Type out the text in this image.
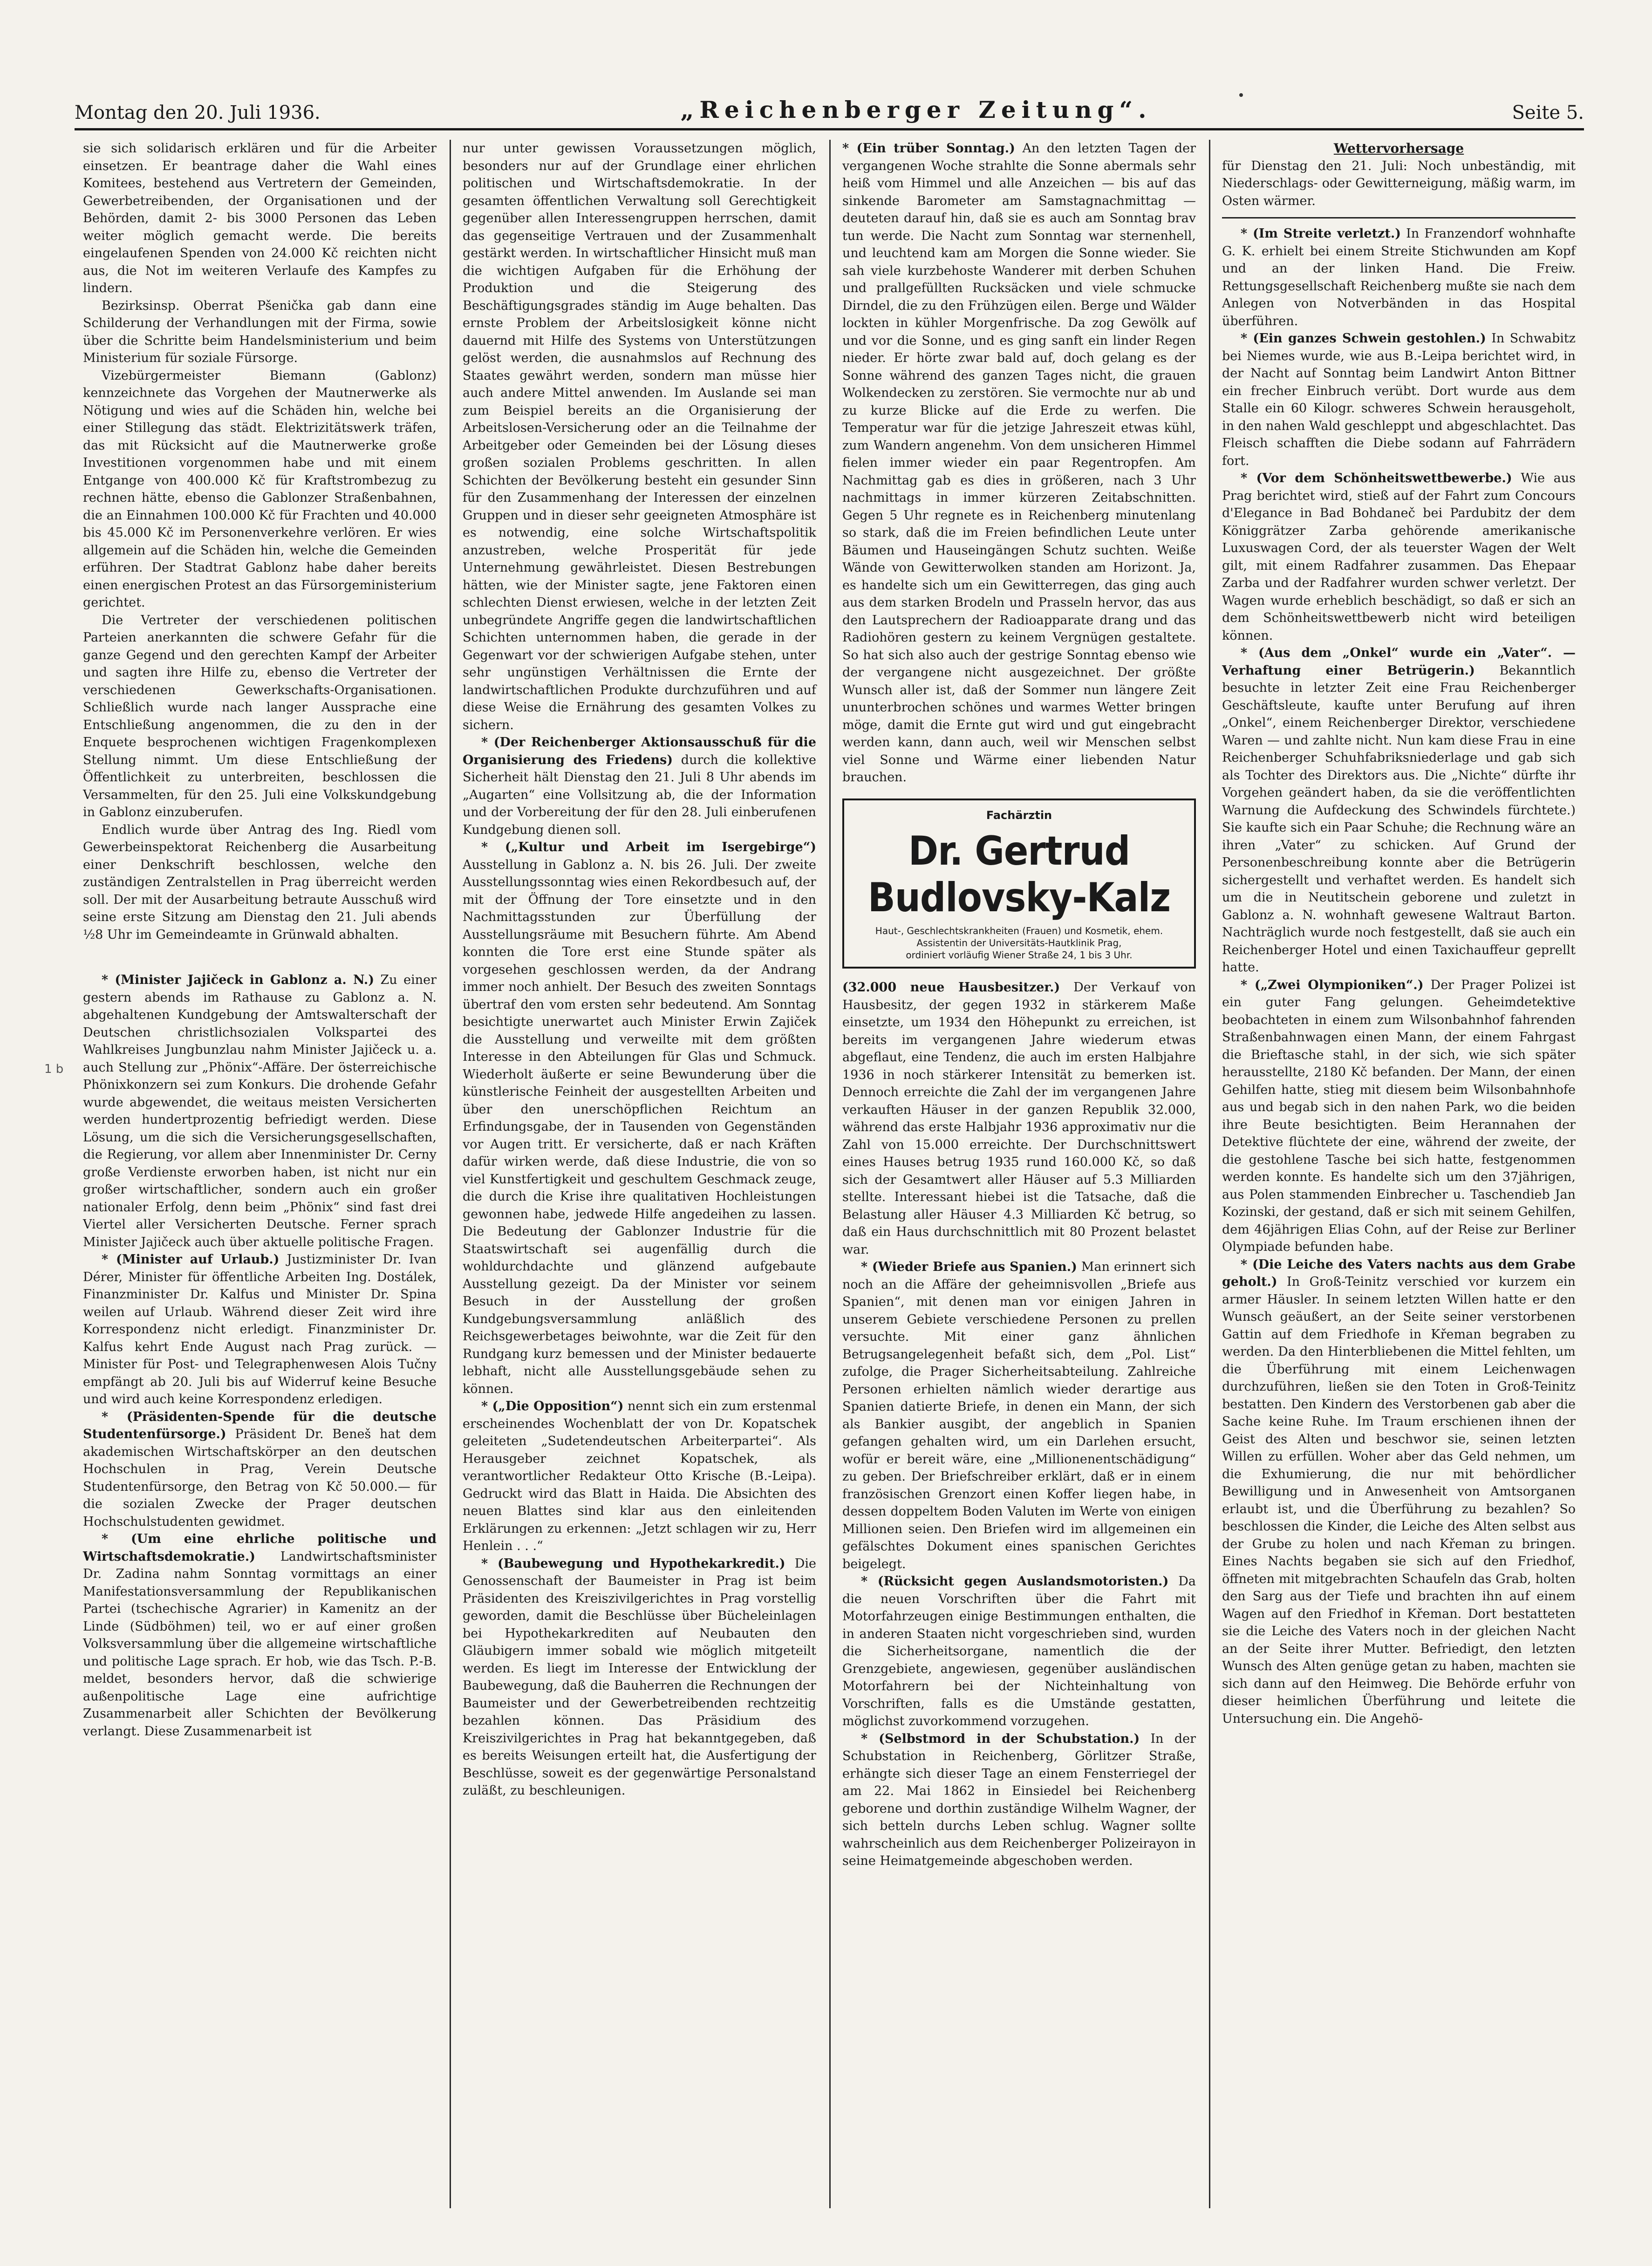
1 b
Montag den 20. Juli 1936.	„Reichenberger Zeitung“.	Seite 5.

sie sich solidarisch erklären und für die Arbeiter einsetzen. Er beantrage daher die Wahl eines Komitees, bestehend aus Vertretern der Gemeinden, Gewerbetreibenden, der Organisationen und der Behörden, damit 2- bis 3000 Personen das Leben weiter möglich gemacht werde. Die bereits eingelaufenen Spenden von 24.000 Kč reichten nicht aus, die Not im weiteren Verlaufe des Kampfes zu lindern.

Bezirksinsp. Oberrat Pšenička gab dann eine Schilderung der Verhandlungen mit der Firma, sowie über die Schritte beim Handelsministerium und beim Ministerium für soziale Fürsorge.

Vizebürgermeister Biemann (Gablonz) kennzeichnete das Vorgehen der Mautnerwerke als Nötigung und wies auf die Schäden hin, welche bei einer Stillegung das städt. Elektrizitätswerk träfen, das mit Rücksicht auf die Mautnerwerke große Investitionen vorgenommen habe und mit einem Entgange von 400.000 Kč für Kraftstrombezug zu rechnen hätte, ebenso die Gablonzer Straßenbahnen, die an Einnahmen 100.000 Kč für Frachten und 40.000 bis 45.000 Kč im Personenverkehre verlören. Er wies allgemein auf die Schäden hin, welche die Gemeinden erführen. Der Stadtrat Gablonz habe daher bereits einen energischen Protest an das Fürsorgeministerium gerichtet.

Die Vertreter der verschiedenen politischen Parteien anerkannten die schwere Gefahr für die ganze Gegend und den gerechten Kampf der Arbeiter und sagten ihre Hilfe zu, ebenso die Vertreter der verschiedenen Gewerkschafts-Organisationen. Schließlich wurde nach langer Aussprache eine Entschließung angenommen, die zu den in der Enquete besprochenen wichtigen Fragenkomplexen Stellung nimmt. Um diese Entschließung der Öffentlichkeit zu unterbreiten, beschlossen die Versammelten, für den 25. Juli eine Volkskundgebung in Gablonz einzuberufen.

Endlich wurde über Antrag des Ing. Riedl vom Gewerbeinspektorat Reichenberg die Ausarbeitung einer Denkschrift beschlossen, welche den zuständigen Zentralstellen in Prag überreicht werden soll. Der mit der Ausarbeitung betraute Ausschuß wird seine erste Sitzung am Dienstag den 21. Juli abends ½8 Uhr im Gemeindeamte in Grünwald abhalten.

* (Minister Jajičeck in Gablonz a. N.) Zu einer gestern abends im Rathause zu Gablonz a. N. abgehaltenen Kundgebung der Amtswalterschaft der Deutschen christlichsozialen Volkspartei des Wahlkreises Jungbunzlau nahm Minister Jajičeck u. a. auch Stellung zur „Phönix“-Affäre. Der österreichische Phönixkonzern sei zum Konkurs. Die drohende Gefahr wurde abgewendet, die weitaus meisten Versicherten werden hundertprozentig befriedigt werden. Diese Lösung, um die sich die Versicherungsgesellschaften, die Regierung, vor allem aber Innenminister Dr. Cerny große Verdienste erworben haben, ist nicht nur ein großer wirtschaftlicher, sondern auch ein großer nationaler Erfolg, denn beim „Phönix“ sind fast drei Viertel aller Versicherten Deutsche. Ferner sprach Minister Jajičeck auch über aktuelle politische Fragen.

* (Minister auf Urlaub.) Justizminister Dr. Ivan Dérer, Minister für öffentliche Arbeiten Ing. Dostálek, Finanzminister Dr. Kalfus und Minister Dr. Spina weilen auf Urlaub. Während dieser Zeit wird ihre Korrespondenz nicht erledigt. Finanzminister Dr. Kalfus kehrt Ende August nach Prag zurück. — Minister für Post- und Telegraphenwesen Alois Tučny empfängt ab 20. Juli bis auf Widerruf keine Besuche und wird auch keine Korrespondenz erledigen.

* (Präsidenten-Spende für die deutsche Studentenfürsorge.) Präsident Dr. Beneš hat dem akademischen Wirtschaftskörper an den deutschen Hochschulen in Prag, Verein Deutsche Studentenfürsorge, den Betrag von Kč 50.000.— für die sozialen Zwecke der Prager deutschen Hochschulstudenten gewidmet.

* (Um eine ehrliche politische und Wirtschaftsdemokratie.) Landwirtschaftsminister Dr. Zadina nahm Sonntag vormittags an einer Manifestationsversammlung der Republikanischen Partei (tschechische Agrarier) in Kamenitz an der Linde (Südböhmen) teil, wo er auf einer großen Volksversammlung über die allgemeine wirtschaftliche und politische Lage sprach. Er hob, wie das Tsch. P.-B. meldet, besonders hervor, daß die schwierige außenpolitische Lage eine aufrichtige Zusammenarbeit aller Schichten der Bevölkerung verlangt. Diese Zusammenarbeit ist

nur unter gewissen Voraussetzungen möglich, besonders nur auf der Grundlage einer ehrlichen politischen und Wirtschaftsdemokratie. In der gesamten öffentlichen Verwaltung soll Gerechtigkeit gegenüber allen Interessengruppen herrschen, damit das gegenseitige Vertrauen und der Zusammenhalt gestärkt werden. In wirtschaftlicher Hinsicht muß man die wichtigen Aufgaben für die Erhöhung der Produktion und die Steigerung des Beschäftigungsgrades ständig im Auge behalten. Das ernste Problem der Arbeitslosigkeit könne nicht dauernd mit Hilfe des Systems von Unterstützungen gelöst werden, die ausnahmslos auf Rechnung des Staates gewährt werden, sondern man müsse hier auch andere Mittel anwenden. Im Auslande sei man zum Beispiel bereits an die Organisierung der Arbeitslosen-Versicherung oder an die Teilnahme der Arbeitgeber oder Gemeinden bei der Lösung dieses großen sozialen Problems geschritten. In allen Schichten der Bevölkerung besteht ein gesunder Sinn für den Zusammenhang der Interessen der einzelnen Gruppen und in dieser sehr geeigneten Atmosphäre ist es notwendig, eine solche Wirtschaftspolitik anzustreben, welche Prosperität für jede Unternehmung gewährleistet. Diesen Bestrebungen hätten, wie der Minister sagte, jene Faktoren einen schlechten Dienst erwiesen, welche in der letzten Zeit unbegründete Angriffe gegen die landwirtschaftlichen Schichten unternommen haben, die gerade in der Gegenwart vor der schwierigen Aufgabe stehen, unter sehr ungünstigen Verhältnissen die Ernte der landwirtschaftlichen Produkte durchzuführen und auf diese Weise die Ernährung des gesamten Volkes zu sichern.

* (Der Reichenberger Aktionsausschuß für die Organisierung des Friedens) durch die kollektive Sicherheit hält Dienstag den 21. Juli 8 Uhr abends im „Augarten“ eine Vollsitzung ab, die der Information und der Vorbereitung der für den 28. Juli einberufenen Kundgebung dienen soll.

* („Kultur und Arbeit im Isergebirge“) Ausstellung in Gablonz a. N. bis 26. Juli. Der zweite Ausstellungssonntag wies einen Rekordbesuch auf, der mit der Öffnung der Tore einsetzte und in den Nachmittagsstunden zur Überfüllung der Ausstellungsräume mit Besuchern führte. Am Abend konnten die Tore erst eine Stunde später als vorgesehen geschlossen werden, da der Andrang immer noch anhielt. Der Besuch des zweiten Sonntags übertraf den vom ersten sehr bedeutend. Am Sonntag besichtigte unerwartet auch Minister Erwin Zajiček die Ausstellung und verweilte mit dem größten Interesse in den Abteilungen für Glas und Schmuck. Wiederholt äußerte er seine Bewunderung über die künstlerische Feinheit der ausgestellten Arbeiten und über den unerschöpflichen Reichtum an Erfindungsgabe, der in Tausenden von Gegenständen vor Augen tritt. Er versicherte, daß er nach Kräften dafür wirken werde, daß diese Industrie, die von so viel Kunstfertigkeit und geschultem Geschmack zeuge, die durch die Krise ihre qualitativen Hochleistungen gewonnen habe, jedwede Hilfe angedeihen zu lassen. Die Bedeutung der Gablonzer Industrie für die Staatswirtschaft sei augenfällig durch die wohldurchdachte und glänzend aufgebaute Ausstellung gezeigt. Da der Minister vor seinem Besuch in der Ausstellung der großen Kundgebungsversammlung anläßlich des Reichsgewerbetages beiwohnte, war die Zeit für den Rundgang kurz bemessen und der Minister bedauerte lebhaft, nicht alle Ausstellungsgebäude sehen zu können.

* („Die Opposition“) nennt sich ein zum erstenmal erscheinendes Wochenblatt der von Dr. Kopatschek geleiteten „Sudetendeutschen Arbeiterpartei“. Als Herausgeber zeichnet Kopatschek, als verantwortlicher Redakteur Otto Krische (B.-Leipa). Gedruckt wird das Blatt in Haida. Die Absichten des neuen Blattes sind klar aus den einleitenden Erklärungen zu erkennen: „Jetzt schlagen wir zu, Herr Henlein . . .“

* (Baubewegung und Hypothekarkredit.) Die Genossenschaft der Baumeister in Prag ist beim Präsidenten des Kreiszivilgerichtes in Prag vorstellig geworden, damit die Beschlüsse über Bücheleinlagen bei Hypothekarkrediten auf Neubauten den Gläubigern immer sobald wie möglich mitgeteilt werden. Es liegt im Interesse der Entwicklung der Baubewegung, daß die Bauherren die Rechnungen der Baumeister und der Gewerbetreibenden rechtzeitig bezahlen können. Das Präsidium des Kreiszivilgerichtes in Prag hat bekanntgegeben, daß es bereits Weisungen erteilt hat, die Ausfertigung der Beschlüsse, soweit es der gegenwärtige Personalstand zuläßt, zu beschleunigen.

* (Ein trüber Sonntag.) An den letzten Tagen der vergangenen Woche strahlte die Sonne abermals sehr heiß vom Himmel und alle Anzeichen — bis auf das sinkende Barometer am Samstagnachmittag — deuteten darauf hin, daß sie es auch am Sonntag brav tun werde. Die Nacht zum Sonntag war sternenhell, und leuchtend kam am Morgen die Sonne wieder. Sie sah viele kurzbehoste Wanderer mit derben Schuhen und prallgefüllten Rucksäcken und viele schmucke Dirndel, die zu den Frühzügen eilen. Berge und Wälder lockten in kühler Morgenfrische. Da zog Gewölk auf und vor die Sonne, und es ging sanft ein linder Regen nieder. Er hörte zwar bald auf, doch gelang es der Sonne während des ganzen Tages nicht, die grauen Wolkendecken zu zerstören. Sie vermochte nur ab und zu kurze Blicke auf die Erde zu werfen. Die Temperatur war für die jetzige Jahreszeit etwas kühl, zum Wandern angenehm. Von dem unsicheren Himmel fielen immer wieder ein paar Regentropfen. Am Nachmittag gab es dies in größeren, nach 3 Uhr nachmittags in immer kürzeren Zeitabschnitten. Gegen 5 Uhr regnete es in Reichenberg minutenlang so stark, daß die im Freien befindlichen Leute unter Bäumen und Hauseingängen Schutz suchten. Weiße Wände von Gewitterwolken standen am Horizont. Ja, es handelte sich um ein Gewitterregen, das ging auch aus dem starken Brodeln und Prasseln hervor, das aus den Lautsprechern der Radioapparate drang und das Radiohören gestern zu keinem Vergnügen gestaltete. So hat sich also auch der gestrige Sonntag ebenso wie der vergangene nicht ausgezeichnet. Der größte Wunsch aller ist, daß der Sommer nun längere Zeit ununterbrochen schönes und warmes Wetter bringen möge, damit die Ernte gut wird und gut eingebracht werden kann, dann auch, weil wir Menschen selbst viel Sonne und Wärme einer liebenden Natur brauchen.

Fachärztin
Dr. Gertrud Budlovsky-Kalz
Haut-, Geschlechtskrankheiten (Frauen) und Kosmetik, ehem. Assistentin der Universitäts-Hautklinik Prag,
ordiniert vorläufig Wiener Straße 24, 1 bis 3 Uhr.

(32.000 neue Hausbesitzer.) Der Verkauf von Hausbesitz, der gegen 1932 in stärkerem Maße einsetzte, um 1934 den Höhepunkt zu erreichen, ist bereits im vergangenen Jahre wiederum etwas abgeflaut, eine Tendenz, die auch im ersten Halbjahre 1936 in noch stärkerer Intensität zu bemerken ist. Dennoch erreichte die Zahl der im vergangenen Jahre verkauften Häuser in der ganzen Republik 32.000, während das erste Halbjahr 1936 approximativ nur die Zahl von 15.000 erreichte. Der Durchschnittswert eines Hauses betrug 1935 rund 160.000 Kč, so daß sich der Gesamtwert aller Häuser auf 5.3 Milliarden stellte. Interessant hiebei ist die Tatsache, daß die Belastung aller Häuser 4.3 Milliarden Kč betrug, so daß ein Haus durchschnittlich mit 80 Prozent belastet war.

* (Wieder Briefe aus Spanien.) Man erinnert sich noch an die Affäre der geheimnisvollen „Briefe aus Spanien“, mit denen man vor einigen Jahren in unserem Gebiete verschiedene Personen zu prellen versuchte. Mit einer ganz ähnlichen Betrugsangelegenheit befaßt sich, dem „Pol. List“ zufolge, die Prager Sicherheitsabteilung. Zahlreiche Personen erhielten nämlich wieder derartige aus Spanien datierte Briefe, in denen ein Mann, der sich als Bankier ausgibt, der angeblich in Spanien gefangen gehalten wird, um ein Darlehen ersucht, wofür er bereit wäre, eine „Millionenentschädigung“ zu geben. Der Briefschreiber erklärt, daß er in einem französischen Grenzort einen Koffer liegen habe, in dessen doppeltem Boden Valuten im Werte von einigen Millionen seien. Den Briefen wird im allgemeinen ein gefälschtes Dokument eines spanischen Gerichtes beigelegt.

* (Rücksicht gegen Auslandsmotoristen.) Da die neuen Vorschriften über die Fahrt mit Motorfahrzeugen einige Bestimmungen enthalten, die in anderen Staaten nicht vorgeschrieben sind, wurden die Sicherheitsorgane, namentlich die der Grenzgebiete, angewiesen, gegenüber ausländischen Motorfahrern bei der Nichteinhaltung von Vorschriften, falls es die Umstände gestatten, möglichst zuvorkommend vorzugehen.

* (Selbstmord in der Schubstation.) In der Schubstation in Reichenberg, Görlitzer Straße, erhängte sich dieser Tage an einem Fensterriegel der am 22. Mai 1862 in Einsiedel bei Reichenberg geborene und dorthin zuständige Wilhelm Wagner, der sich betteln durchs Leben schlug. Wagner sollte wahrscheinlich aus dem Reichenberger Polizeirayon in seine Heimatgemeinde abgeschoben werden.

Wettervorhersage

für Dienstag den 21. Juli: Noch unbeständig, mit Niederschlags- oder Gewitterneigung, mäßig warm, im Osten wärmer.

* (Im Streite verletzt.) In Franzendorf wohnhafte G. K. erhielt bei einem Streite Stichwunden am Kopf und an der linken Hand. Die Freiw. Rettungsgesellschaft Reichenberg mußte sie nach dem Anlegen von Notverbänden in das Hospital überführen.

* (Ein ganzes Schwein gestohlen.) In Schwabitz bei Niemes wurde, wie aus B.-Leipa berichtet wird, in der Nacht auf Sonntag beim Landwirt Anton Bittner ein frecher Einbruch verübt. Dort wurde aus dem Stalle ein 60 Kilogr. schweres Schwein herausgeholt, in den nahen Wald geschleppt und abgeschlachtet. Das Fleisch schafften die Diebe sodann auf Fahrrädern fort.

* (Vor dem Schönheitswettbewerbe.) Wie aus Prag berichtet wird, stieß auf der Fahrt zum Concours d'Elegance in Bad Bohdaneč bei Pardubitz der dem Königgrätzer Zarba gehörende amerikanische Luxuswagen Cord, der als teuerster Wagen der Welt gilt, mit einem Radfahrer zusammen. Das Ehepaar Zarba und der Radfahrer wurden schwer verletzt. Der Wagen wurde erheblich beschädigt, so daß er sich an dem Schönheitswettbewerb nicht wird beteiligen können.

* (Aus dem „Onkel“ wurde ein „Vater“. — Verhaftung einer Betrügerin.) Bekanntlich besuchte in letzter Zeit eine Frau Reichenberger Geschäftsleute, kaufte unter Berufung auf ihren „Onkel“, einem Reichenberger Direktor, verschiedene Waren — und zahlte nicht. Nun kam diese Frau in eine Reichenberger Schuhfabriksniederlage und gab sich als Tochter des Direktors aus. Die „Nichte“ dürfte ihr Vorgehen geändert haben, da sie die veröffentlichten Warnung die Aufdeckung des Schwindels fürchtete.) Sie kaufte sich ein Paar Schuhe; die Rechnung wäre an ihren „Vater“ zu schicken. Auf Grund der Personenbeschreibung konnte aber die Betrügerin sichergestellt und verhaftet werden. Es handelt sich um die in Neutitschein geborene und zuletzt in Gablonz a. N. wohnhaft gewesene Waltraut Barton. Nachträglich wurde noch festgestellt, daß sie auch ein Reichenberger Hotel und einen Taxichauffeur geprellt hatte.

* („Zwei Olympioniken“.) Der Prager Polizei ist ein guter Fang gelungen. Geheimdetektive beobachteten in einem zum Wilsonbahnhof fahrenden Straßenbahnwagen einen Mann, der einem Fahrgast die Brieftasche stahl, in der sich, wie sich später herausstellte, 2180 Kč befanden. Der Mann, der einen Gehilfen hatte, stieg mit diesem beim Wilsonbahnhofe aus und begab sich in den nahen Park, wo die beiden ihre Beute besichtigten. Beim Herannahen der Detektive flüchtete der eine, während der zweite, der die gestohlene Tasche bei sich hatte, festgenommen werden konnte. Es handelte sich um den 37jährigen, aus Polen stammenden Einbrecher u. Taschendieb Jan Kozinski, der gestand, daß er sich mit seinem Gehilfen, dem 46jährigen Elias Cohn, auf der Reise zur Berliner Olympiade befunden habe.

* (Die Leiche des Vaters nachts aus dem Grabe geholt.) In Groß-Teinitz verschied vor kurzem ein armer Häusler. In seinem letzten Willen hatte er den Wunsch geäußert, an der Seite seiner verstorbenen Gattin auf dem Friedhofe in Křeman begraben zu werden. Da den Hinterbliebenen die Mittel fehlten, um die Überführung mit einem Leichenwagen durchzuführen, ließen sie den Toten in Groß-Teinitz bestatten. Den Kindern des Verstorbenen gab aber die Sache keine Ruhe. Im Traum erschienen ihnen der Geist des Alten und beschwor sie, seinen letzten Willen zu erfüllen. Woher aber das Geld nehmen, um die Exhumierung, die nur mit behördlicher Bewilligung und in Anwesenheit von Amtsorganen erlaubt ist, und die Überführung zu bezahlen? So beschlossen die Kinder, die Leiche des Alten selbst aus der Grube zu holen und nach Křeman zu bringen. Eines Nachts begaben sie sich auf den Friedhof, öffneten mit mitgebrachten Schaufeln das Grab, holten den Sarg aus der Tiefe und brachten ihn auf einem Wagen auf den Friedhof in Křeman. Dort bestatteten sie die Leiche des Vaters noch in der gleichen Nacht an der Seite ihrer Mutter. Befriedigt, den letzten Wunsch des Alten genüge getan zu haben, machten sie sich dann auf den Heimweg. Die Behörde erfuhr von dieser heimlichen Überführung und leitete die Untersuchung ein. Die Angehö-
